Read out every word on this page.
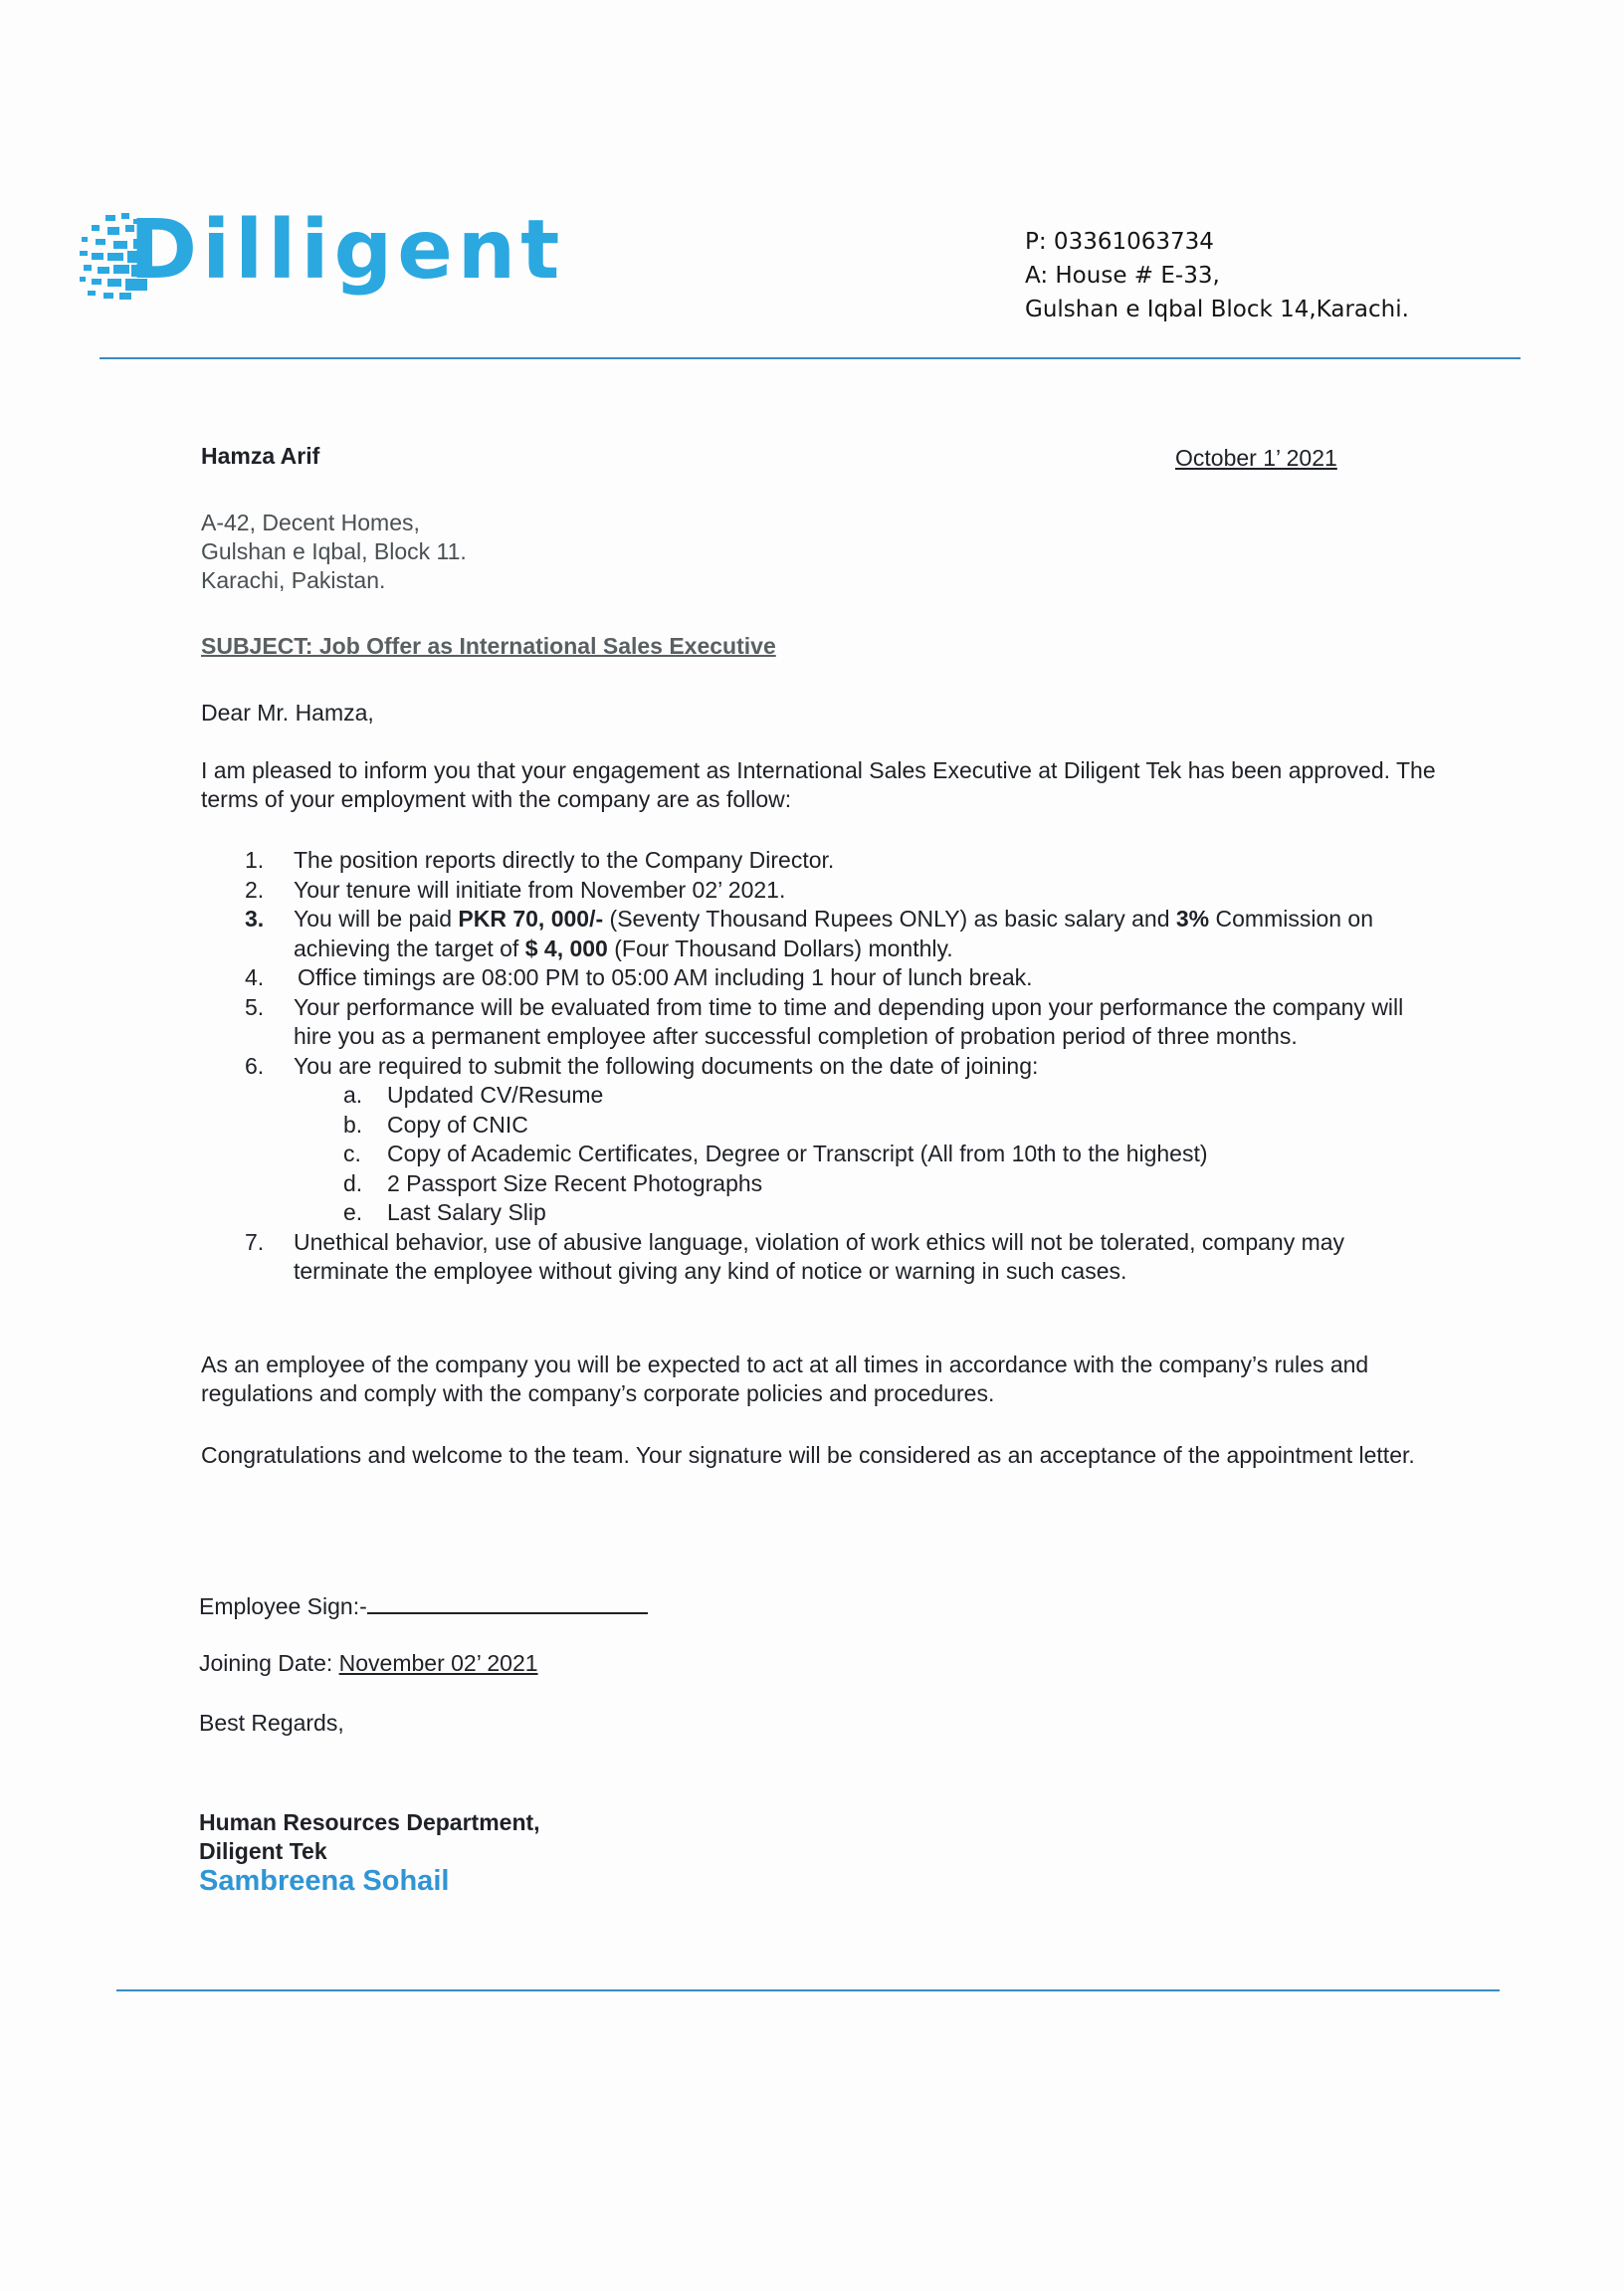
Dilligent	P: 03361063734
A: House # E-33,
Gulshan e Iqbal Block 14,Karachi.
Hamza Arif	October 1’ 2021
A-42, Decent Homes,
Gulshan e Iqbal, Block 11.
Karachi, Pakistan.
SUBJECT: Job Offer as International Sales Executive
Dear Mr. Hamza,
I am pleased to inform you that your engagement as International Sales Executive at Diligent Tek has been approved. The terms of your employment with the company are as follow:
1. The position reports directly to the Company Director.
2. Your tenure will initiate from November 02’ 2021.
3. You will be paid PKR 70, 000/- (Seventy Thousand Rupees ONLY) as basic salary and 3% Commission on achieving the target of $ 4, 000 (Four Thousand Dollars) monthly.
4. Office timings are 08:00 PM to 05:00 AM including 1 hour of lunch break.
5. Your performance will be evaluated from time to time and depending upon your performance the company will hire you as a permanent employee after successful completion of probation period of three months.
6. You are required to submit the following documents on the date of joining:
a. Updated CV/Resume
b. Copy of CNIC
c. Copy of Academic Certificates, Degree or Transcript (All from 10th to the highest)
d. 2 Passport Size Recent Photographs
e. Last Salary Slip
7. Unethical behavior, use of abusive language, violation of work ethics will not be tolerated, company may terminate the employee without giving any kind of notice or warning in such cases.
As an employee of the company you will be expected to act at all times in accordance with the company’s rules and regulations and comply with the company’s corporate policies and procedures.
Congratulations and welcome to the team. Your signature will be considered as an acceptance of the appointment letter.
Employee Sign:-
Joining Date: November 02’ 2021
Best Regards,
Human Resources Department,
Diligent Tek
Sambreena Sohail
